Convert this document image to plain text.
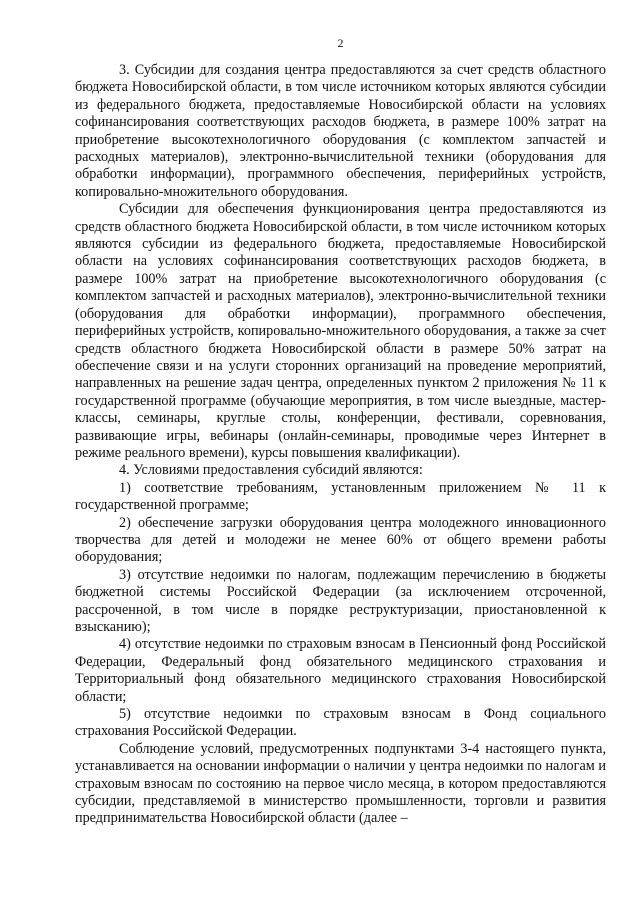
2

3. Субсидии для создания центра предоставляются за счет средств областного бюджета Новосибирской области, в том числе источником которых являются субсидии из федерального бюджета, предоставляемые Новосибирской области на условиях софинансирования соответствующих расходов бюджета, в размере 100% затрат на приобретение высокотехнологичного оборудования (с комплектом запчастей и расходных материалов), электронно-вычислительной техники (оборудования для обработки информации), программного обеспечения, периферийных устройств, копировально-множительного оборудования.

Субсидии для обеспечения функционирования центра предоставляются из средств областного бюджета Новосибирской области, в том числе источником которых являются субсидии из федерального бюджета, предоставляемые Новосибирской области на условиях софинансирования соответствующих расходов бюджета, в размере 100% затрат на приобретение высокотехнологичного оборудования (с комплектом запчастей и расходных материалов), электронно-вычислительной техники (оборудования для обработки информации), программного обеспечения, периферийных устройств, копировально-множительного оборудования, а также за счет средств областного бюджета Новосибирской области в размере 50% затрат на обеспечение связи и на услуги сторонних организаций на проведение мероприятий, направленных на решение задач центра, определенных пунктом 2 приложения № 11 к государственной программе (обучающие мероприятия, в том числе выездные, мастер-классы, семинары, круглые столы, конференции, фестивали, соревнования, развивающие игры, вебинары (онлайн-семинары, проводимые через Интернет в режиме реального времени), курсы повышения квалификации).

4. Условиями предоставления субсидий являются:

1) соответствие требованиям, установленным приложением № 11 к государственной программе;

2) обеспечение загрузки оборудования центра молодежного инновационного творчества для детей и молодежи не менее 60% от общего времени работы оборудования;

3) отсутствие недоимки по налогам, подлежащим перечислению в бюджеты бюджетной системы Российской Федерации (за исключением отсроченной, рассроченной, в том числе в порядке реструктуризации, приостановленной к взысканию);

4) отсутствие недоимки по страховым взносам в Пенсионный фонд Российской Федерации, Федеральный фонд обязательного медицинского страхования и Территориальный фонд обязательного медицинского страхования Новосибирской области;

5) отсутствие недоимки по страховым взносам в Фонд социального страхования Российской Федерации.

Соблюдение условий, предусмотренных подпунктами 3-4 настоящего пункта, устанавливается на основании информации о наличии у центра недоимки по налогам и страховым взносам по состоянию на первое число месяца, в котором предоставляются субсидии, представляемой в министерство промышленности, торговли и развития предпринимательства Новосибирской области (далее –
